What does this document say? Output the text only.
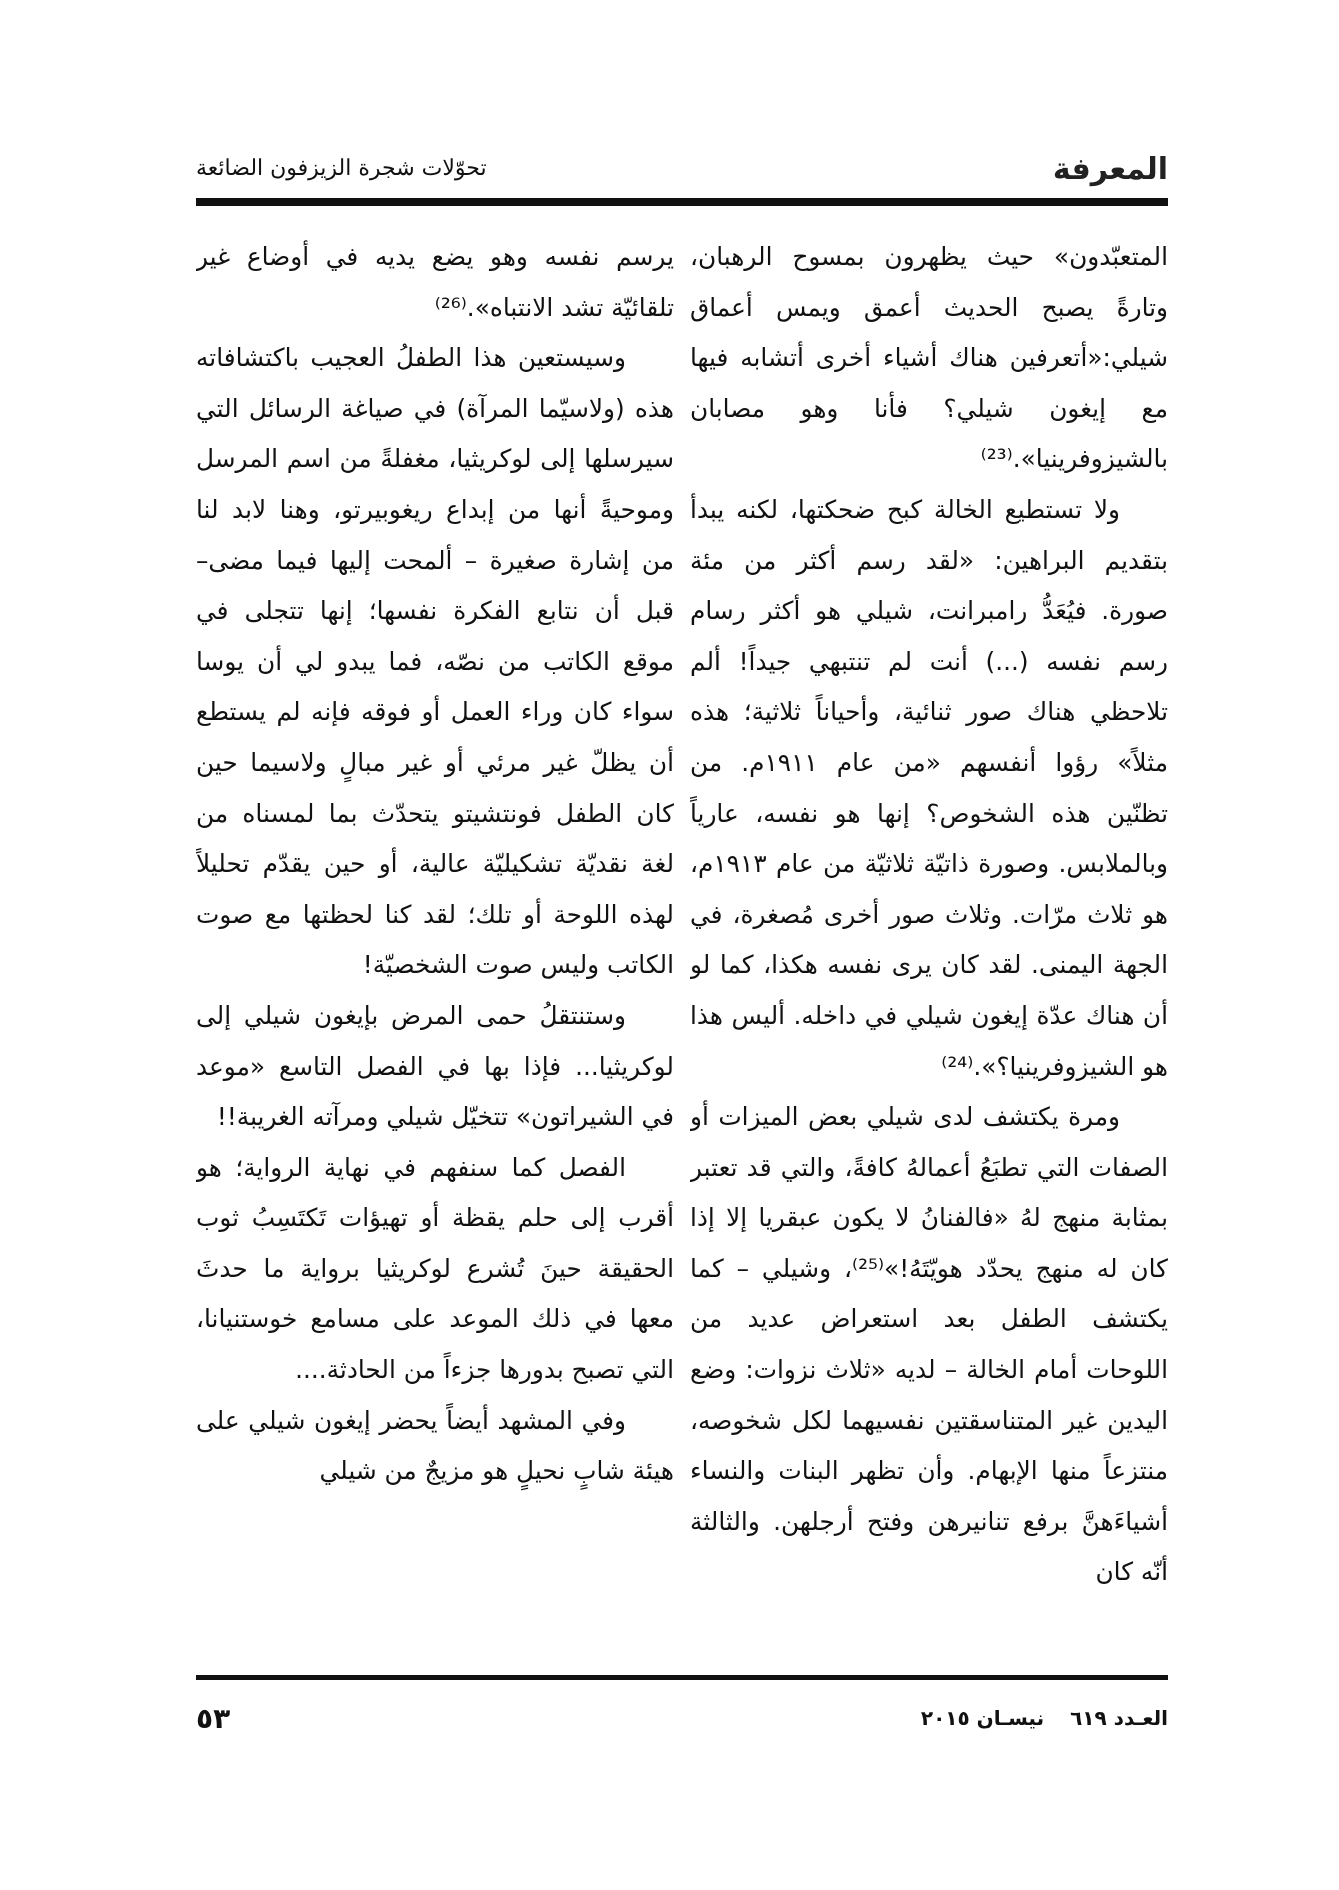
المعرفة
تحوّلات شجرة الزيزفون الضائعة

المتعبّدون» حيث يظهرون بمسوح الرهبان، وتارةً يصبح الحديث أعمق ويمس أعماق شيلي:«أتعرفين هناك أشياء أخرى أتشابه فيها مع إيغون شيلي؟ فأنا وهو مصابان بالشيزوفرينيا».⁽²³⁾

ولا تستطيع الخالة كبح ضحكتها، لكنه يبدأ بتقديم البراهين: «لقد رسم أكثر من مئة صورة. فيُعَدُّ رامبرانت، شيلي هو أكثر رسام رسم نفسه (...) أنت لم تنتبهي جيداً! ألم تلاحظي هناك صور ثنائية، وأحياناً ثلاثية؛ هذه مثلاً» رؤوا أنفسهم «من عام ١٩١١م. من تظنّين هذه الشخوص؟ إنها هو نفسه، عارياً وبالملابس. وصورة ذاتيّة ثلاثيّة من عام ١٩١٣م، هو ثلاث مرّات. وثلاث صور أخرى مُصغرة، في الجهة اليمنى. لقد كان يرى نفسه هكذا، كما لو أن هناك عدّة إيغون شيلي في داخله. أليس هذا هو الشيزوفرينيا؟».⁽²⁴⁾

ومرة يكتشف لدى شيلي بعض الميزات أو الصفات التي تطبَعُ أعمالهُ كافةً، والتي قد تعتبر بمثابة منهج لهُ «فالفنانُ لا يكون عبقريا إلا إذا كان له منهج يحدّد هويّتَهُ!»⁽²⁵⁾، وشيلي – كما يكتشف الطفل بعد استعراض عديد من اللوحات أمام الخالة – لديه «ثلاث نزوات: وضع اليدين غير المتناسقتين نفسيهما لكل شخوصه، منتزعاً منها الإبهام. وأن تظهر البنات والنساء أشياءَهنَّ برفع تنانيرهن وفتح أرجلهن. والثالثة أنّه كان

يرسم نفسه وهو يضع يديه في أوضاع غير تلقائيّة تشد الانتباه».⁽²⁶⁾

وسيستعين هذا الطفلُ العجيب باكتشافاته هذه (ولاسيّما المرآة) في صياغة الرسائل التي سيرسلها إلى لوكريثيا، مغفلةً من اسم المرسل وموحيةً أنها من إبداع ريغوبيرتو، وهنا لابد لنا من إشارة صغيرة – ألمحت إليها فيما مضى–قبل أن نتابع الفكرة نفسها؛ إنها تتجلى في موقع الكاتب من نصّه، فما يبدو لي أن يوسا سواء كان وراء العمل أو فوقه فإنه لم يستطع أن يظلّ غير مرئي أو غير مبالٍ ولاسيما حين كان الطفل فونتشيتو يتحدّث بما لمسناه من لغة نقديّة تشكيليّة عالية، أو حين يقدّم تحليلاً لهذه اللوحة أو تلك؛ لقد كنا لحظتها مع صوت الكاتب وليس صوت الشخصيّة!

وستنتقلُ حمى المرض بإيغون شيلي إلى لوكريثيا... فإذا بها في الفصل التاسع «موعد في الشيراتون» تتخيّل شيلي ومرآته الغريبة!!

الفصل كما سنفهم في نهاية الرواية؛ هو أقرب إلى حلم يقظة أو تهيؤات تَكتَسِبُ ثوب الحقيقة حينَ تُشرع لوكريثيا برواية ما حدثَ معها في ذلك الموعد على مسامع خوستنيانا، التي تصبح بدورها جزءاً من الحادثة....

وفي المشهد أيضاً يحضر إيغون شيلي على هيئة شابٍ نحيلٍ هو مزيجٌ من شيلي

العـدد ٦١٩نيسـان ٢٠١٥
٥٣
